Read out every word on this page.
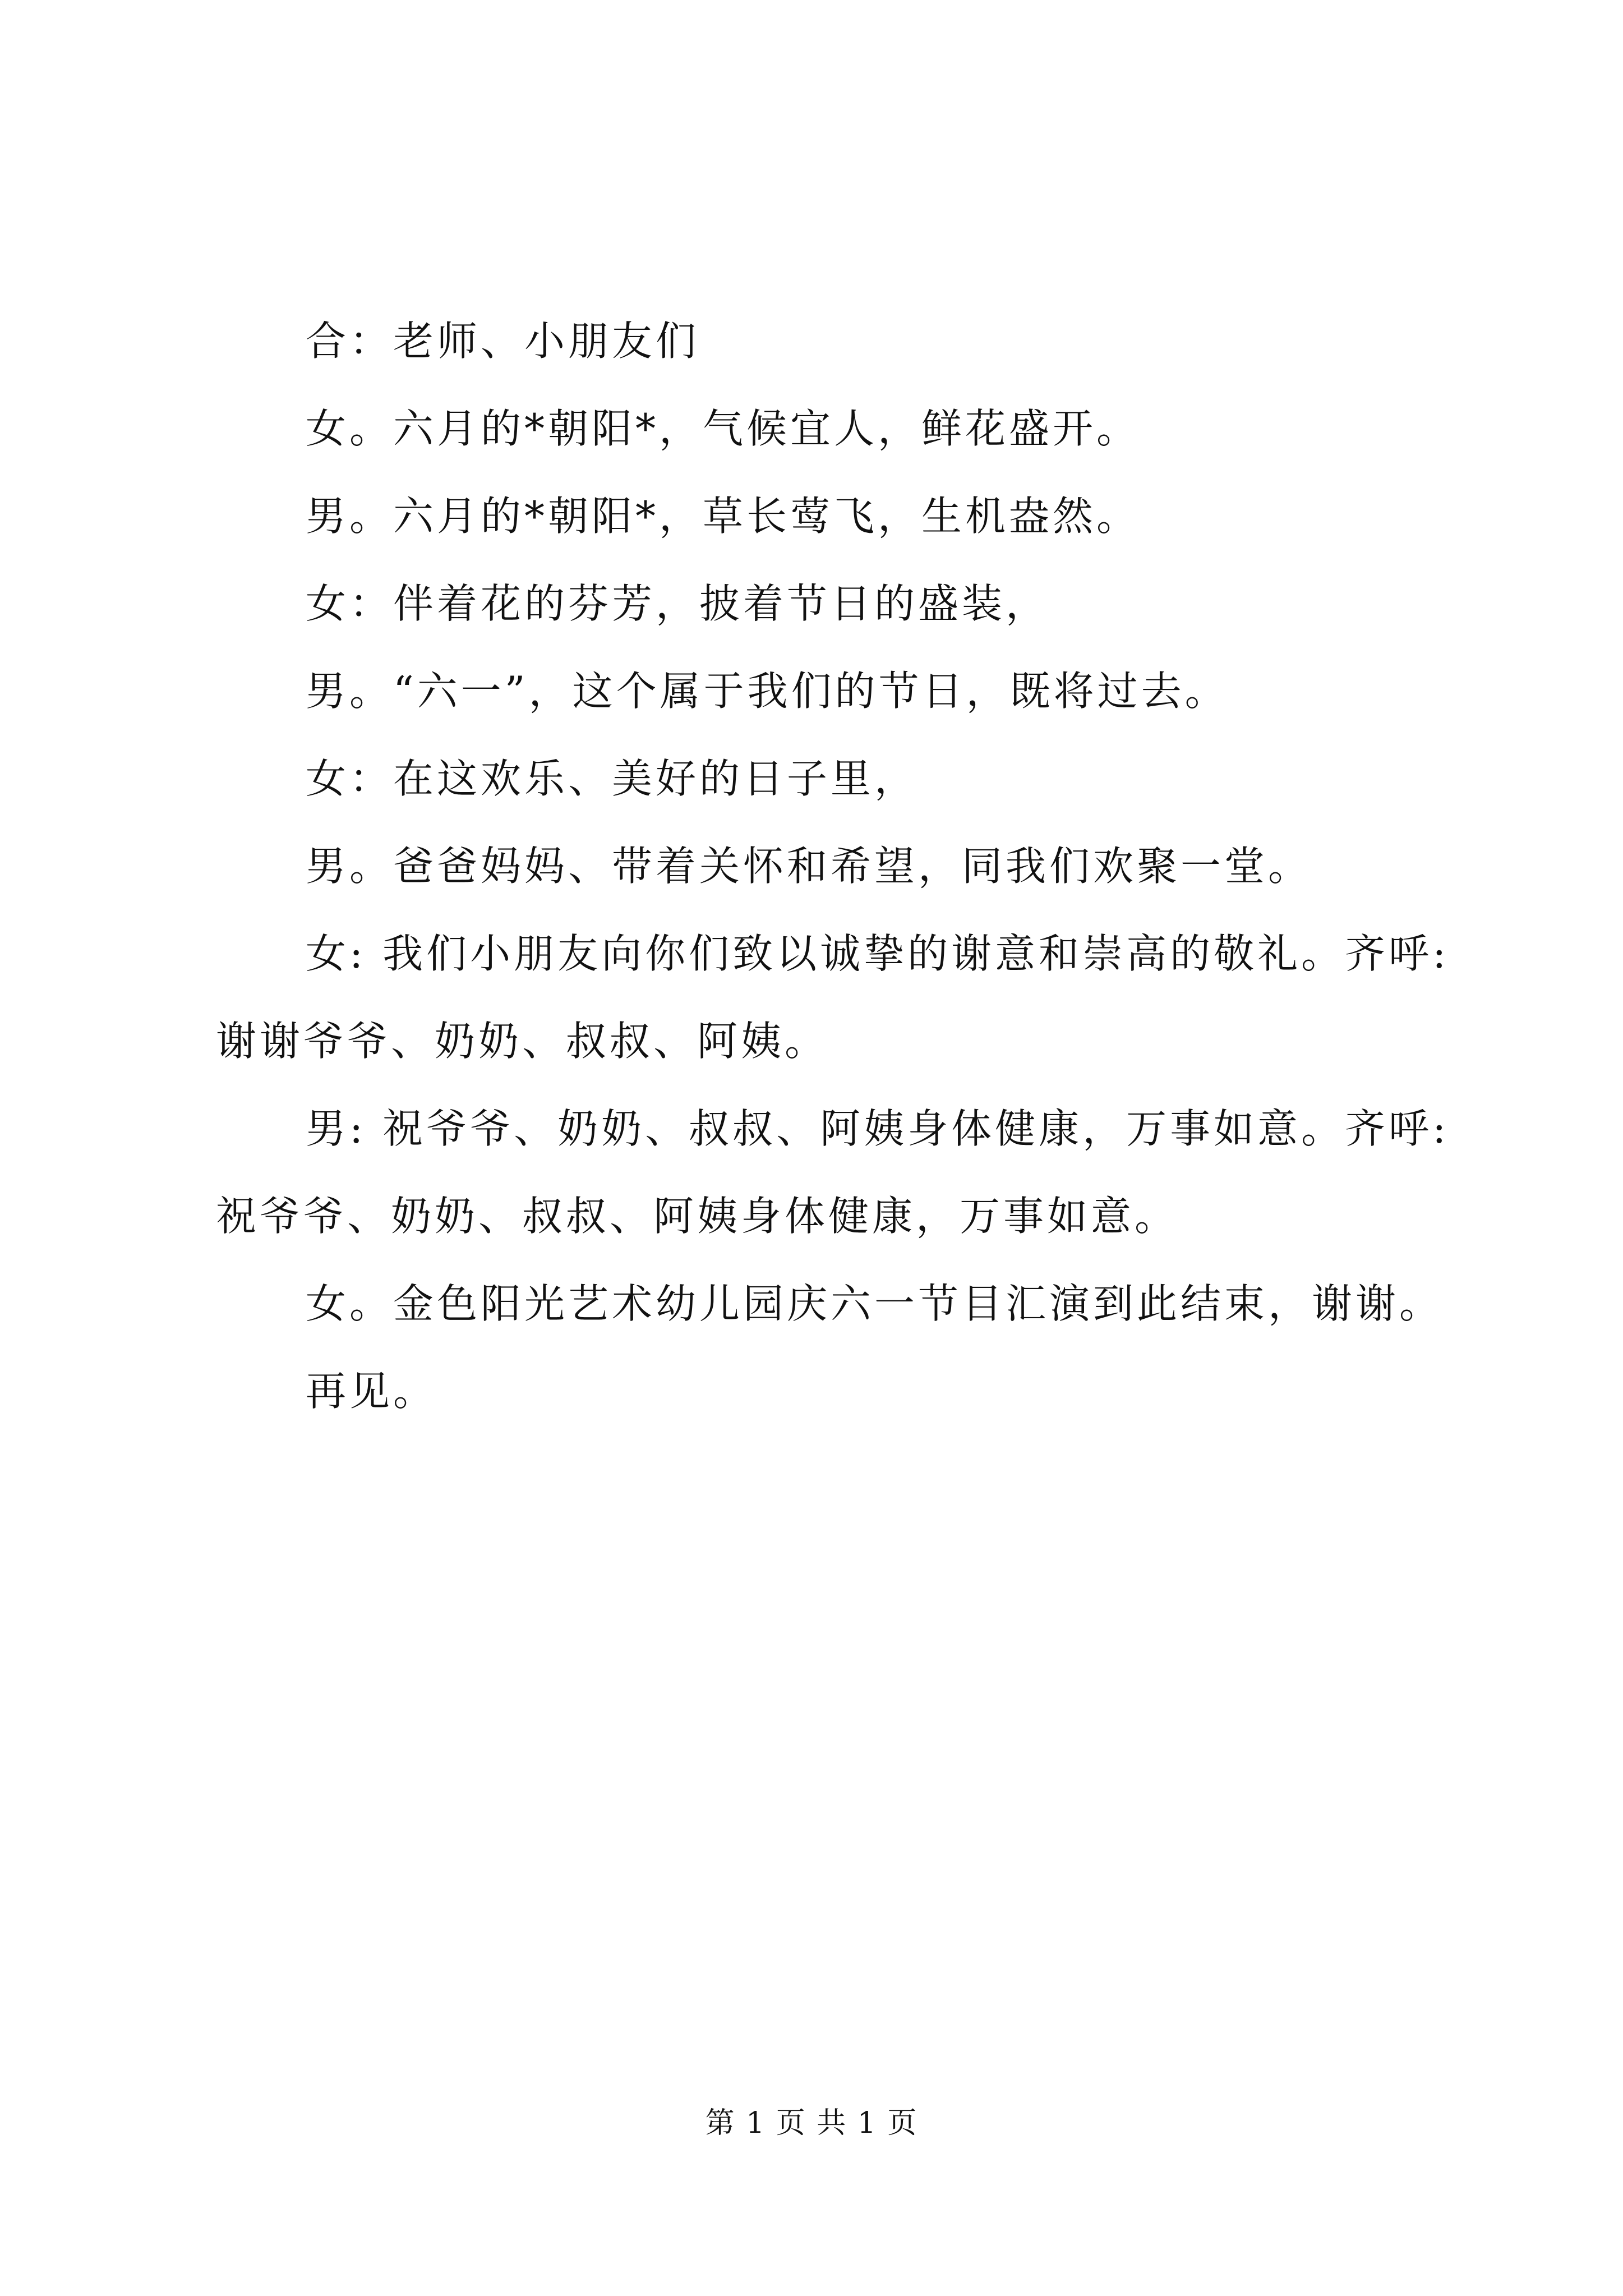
合：老师、小朋友们

女。六月的*朝阳*，气候宜人，鲜花盛开。

男。六月的*朝阳*，草长莺飞，生机盎然。

女：伴着花的芬芳，披着节日的盛装，

男。“六一”，这个属于我们的节日，既将过去。

女：在这欢乐、美好的日子里，

男。爸爸妈妈、带着关怀和希望，同我们欢聚一堂。

女: 我们小朋友向你们致以诚挚的谢意和崇高的敬礼。齐呼: 谢谢爷爷、奶奶、叔叔、阿姨。

男: 祝爷爷、奶奶、叔叔、阿姨身体健康，万事如意。齐呼: 祝爷爷、奶奶、叔叔、阿姨身体健康，万事如意。

女。金色阳光艺术幼儿园庆六一节目汇演到此结束，谢谢。

再见。

第 1 页 共 1 页
